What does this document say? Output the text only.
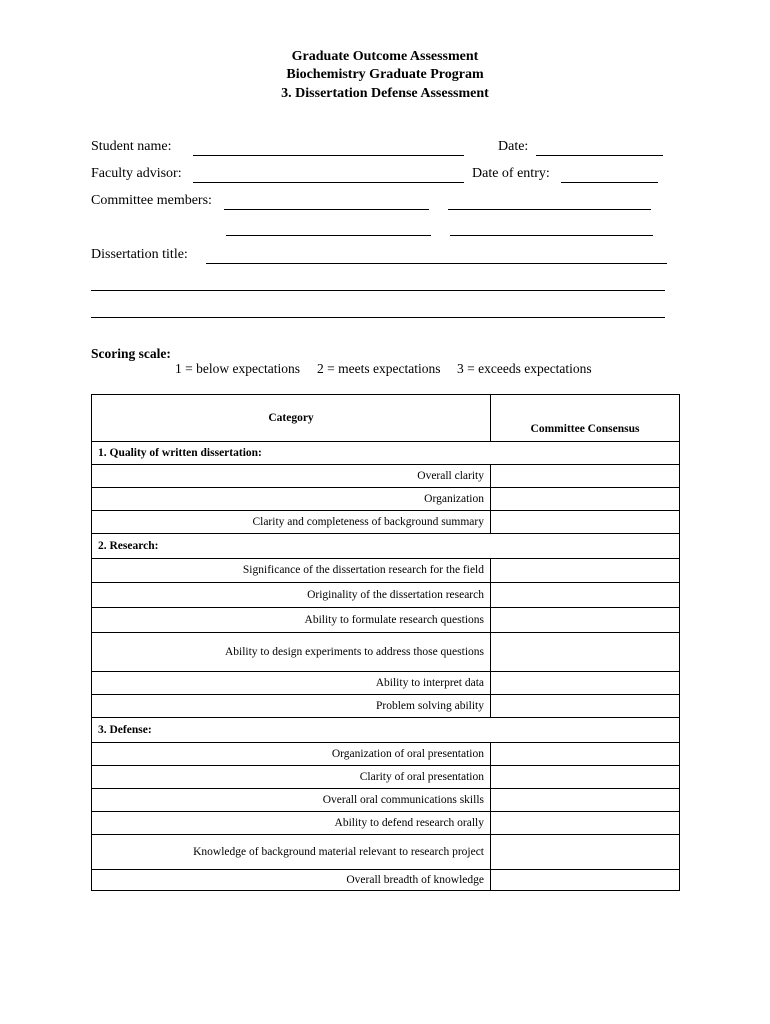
Graduate Outcome Assessment
Biochemistry Graduate Program
3. Dissertation Defense Assessment
Student name:	Date:
Faculty advisor:	Date of entry:
Committee members:
Dissertation title:
Scoring scale:
1 = below expectations 2 = meets expectations 3 = exceeds expectations
Category	Committee Consensus
1. Quality of written dissertation:	
Overall clarity	
Organization	
Clarity and completeness of background summary	
2. Research:	
Significance of the dissertation research for the field	
Originality of the dissertation research	
Ability to formulate research questions	
Ability to design experiments to address those questions	
Ability to interpret data	
Problem solving ability	
3. Defense:	
Organization of oral presentation	
Clarity of oral presentation	
Overall oral communications skills	
Ability to defend research orally	
Knowledge of background material relevant to research project	
Overall breadth of knowledge	
